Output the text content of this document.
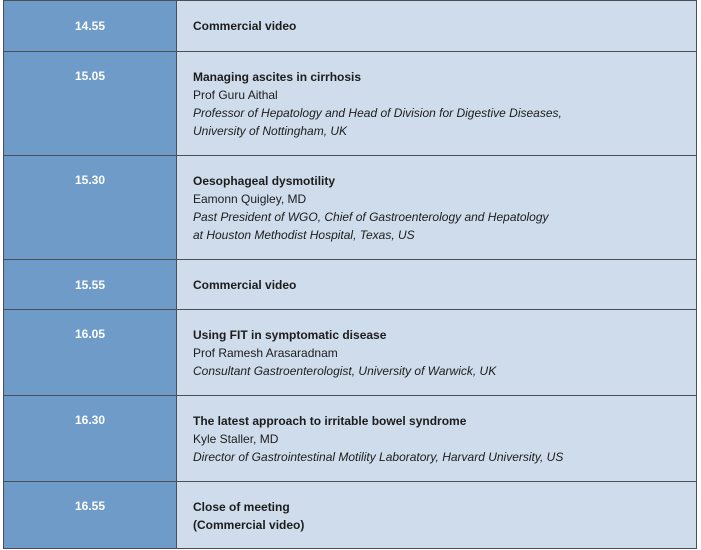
14.55	Commercial video
15.05	Managing ascites in cirrhosis
Prof Guru Aithal
Professor of Hepatology and Head of Division for Digestive Diseases,
University of Nottingham, UK
15.30	Oesophageal dysmotility
Eamonn Quigley, MD
Past President of WGO, Chief of Gastroenterology and Hepatology
at Houston Methodist Hospital, Texas, US
15.55	Commercial video
16.05	Using FIT in symptomatic disease
Prof Ramesh Arasaradnam
Consultant Gastroenterologist, University of Warwick, UK
16.30	The latest approach to irritable bowel syndrome
Kyle Staller, MD
Director of Gastrointestinal Motility Laboratory, Harvard University, US
16.55	Close of meeting
(Commercial video)
